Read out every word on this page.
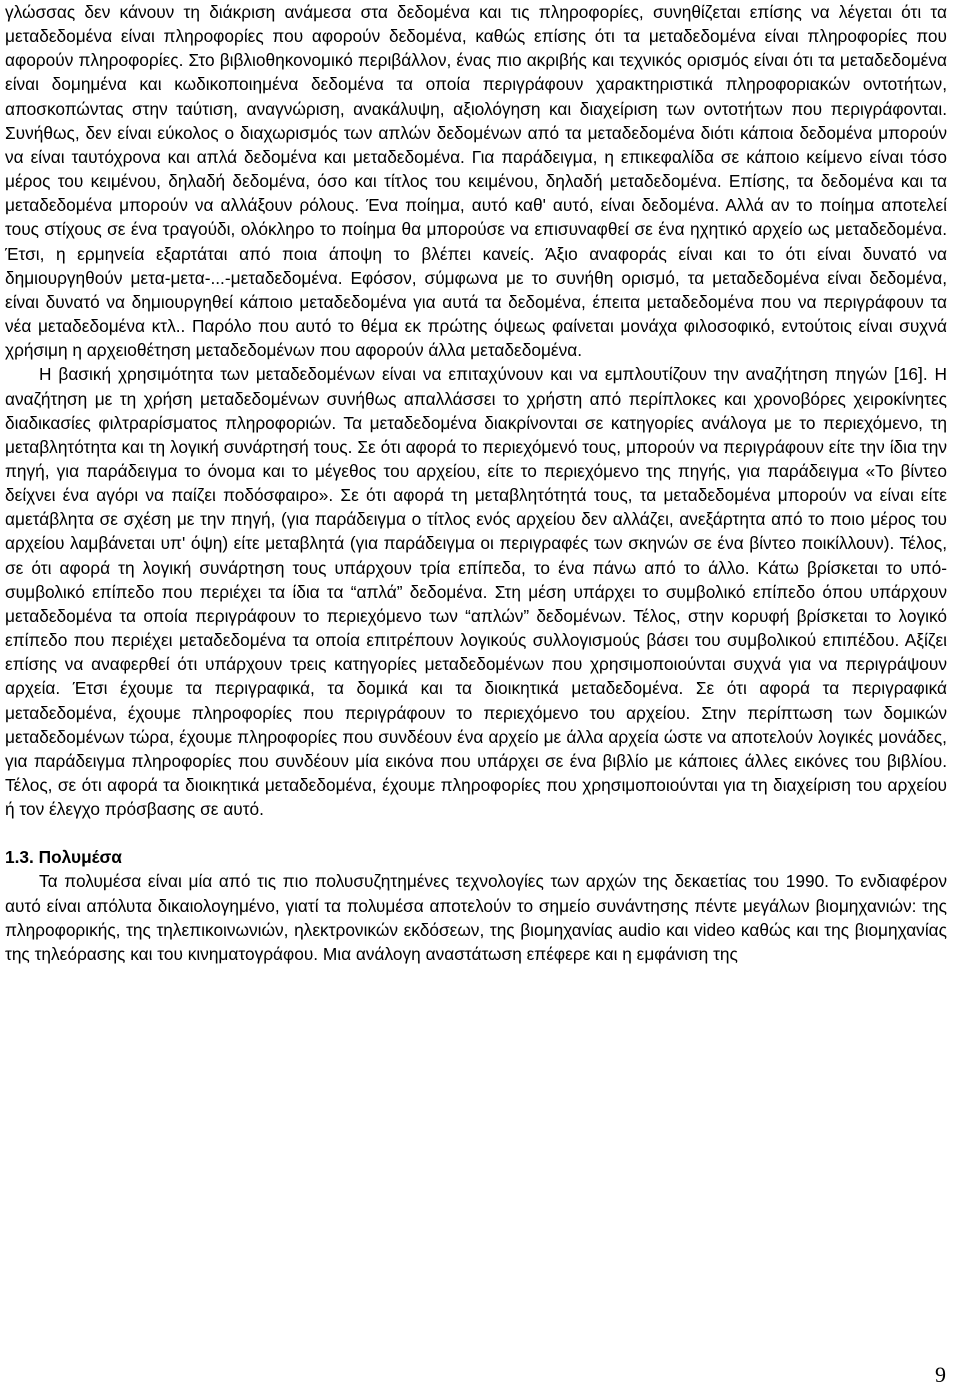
γλώσσας δεν κάνουν τη διάκριση ανάμεσα στα δεδομένα και τις πληροφορίες, συνηθίζεται επίσης να λέγεται ότι τα μεταδεδομένα είναι πληροφορίες που αφορούν δεδομένα, καθώς επίσης ότι τα μεταδεδομένα είναι πληροφορίες που αφορούν πληροφορίες. Στο βιβλιοθηκονομικό περιβάλλον, ένας πιο ακριβής και τεχνικός ορισμός είναι ότι τα μεταδεδομένα είναι δομημένα και κωδικοποιημένα δεδομένα τα οποία περιγράφουν χαρακτηριστικά πληροφοριακών οντοτήτων, αποσκοπώντας στην ταύτιση, αναγνώριση, ανακάλυψη, αξιολόγηση και διαχείριση των οντοτήτων που περιγράφονται. Συνήθως, δεν είναι εύκολος ο διαχωρισμός των απλών δεδομένων από τα μεταδεδομένα διότι κάποια δεδομένα μπορούν να είναι ταυτόχρονα και απλά δεδομένα και μεταδεδομένα. Για παράδειγμα, η επικεφαλίδα σε κάποιο κείμενο είναι τόσο μέρος του κειμένου, δηλαδή δεδομένα, όσο και τίτλος του κειμένου, δηλαδή μεταδεδομένα. Επίσης, τα δεδομένα και τα μεταδεδομένα μπορούν να αλλάξουν ρόλους. Ένα ποίημα, αυτό καθ' αυτό, είναι δεδομένα. Αλλά αν το ποίημα αποτελεί τους στίχους σε ένα τραγούδι, ολόκληρο το ποίημα θα μπορούσε να επισυναφθεί σε ένα ηχητικό αρχείο ως μεταδεδομένα. Έτσι, η ερμηνεία εξαρτάται από ποια άποψη το βλέπει κανείς. Άξιο αναφοράς είναι και το ότι είναι δυνατό να δημιουργηθούν μετα-μετα-...-μεταδεδομένα. Εφόσον, σύμφωνα με το συνήθη ορισμό, τα μεταδεδομένα είναι δεδομένα, είναι δυνατό να δημιουργηθεί κάποιο μεταδεδομένα για αυτά τα δεδομένα, έπειτα μεταδεδομένα που να περιγράφουν τα νέα μεταδεδομένα κτλ.. Παρόλο που αυτό το θέμα εκ πρώτης όψεως φαίνεται μονάχα φιλοσοφικό, εντούτοις είναι συχνά χρήσιμη η αρχειοθέτηση μεταδεδομένων που αφορούν άλλα μεταδεδομένα.

Η βασική χρησιμότητα των μεταδεδομένων είναι να επιταχύνουν και να εμπλουτίζουν την αναζήτηση πηγών [16]. Η αναζήτηση με τη χρήση μεταδεδομένων συνήθως απαλλάσσει το χρήστη από περίπλοκες και χρονοβόρες χειροκίνητες διαδικασίες φιλτραρίσματος πληροφοριών. Τα μεταδεδομένα διακρίνονται σε κατηγορίες ανάλογα με το περιεχόμενο, τη μεταβλητότητα και τη λογική συνάρτησή τους. Σε ότι αφορά το περιεχόμενό τους, μπορούν να περιγράφουν είτε την ίδια την πηγή, για παράδειγμα το όνομα και το μέγεθος του αρχείου, είτε το περιεχόμενο της πηγής, για παράδειγμα «Το βίντεο δείχνει ένα αγόρι να παίζει ποδόσφαιρο». Σε ότι αφορά τη μεταβλητότητά τους, τα μεταδεδομένα μπορούν να είναι είτε αμετάβλητα σε σχέση με την πηγή, (για παράδειγμα ο τίτλος ενός αρχείου δεν αλλάζει, ανεξάρτητα από το ποιο μέρος του αρχείου λαμβάνεται υπ' όψη) είτε μεταβλητά (για παράδειγμα οι περιγραφές των σκηνών σε ένα βίντεο ποικίλλουν). Τέλος, σε ότι αφορά τη λογική συνάρτηση τους υπάρχουν τρία επίπεδα, το ένα πάνω από το άλλο. Κάτω βρίσκεται το υπό-συμβολικό επίπεδο που περιέχει τα ίδια τα “απλά” δεδομένα. Στη μέση υπάρχει το συμβολικό επίπεδο όπου υπάρχουν μεταδεδομένα τα οποία περιγράφουν το περιεχόμενο των “απλών” δεδομένων. Τέλος, στην κορυφή βρίσκεται το λογικό επίπεδο που περιέχει μεταδεδομένα τα οποία επιτρέπουν λογικούς συλλογισμούς βάσει του συμβολικού επιπέδου. Αξίζει επίσης να αναφερθεί ότι υπάρχουν τρεις κατηγορίες μεταδεδομένων που χρησιμοποιούνται συχνά για να περιγράψουν αρχεία. Έτσι έχουμε τα περιγραφικά, τα δομικά και τα διοικητικά μεταδεδομένα. Σε ότι αφορά τα περιγραφικά μεταδεδομένα, έχουμε πληροφορίες που περιγράφουν το περιεχόμενο του αρχείου. Στην περίπτωση των δομικών μεταδεδομένων τώρα, έχουμε πληροφορίες που συνδέουν ένα αρχείο με άλλα αρχεία ώστε να αποτελούν λογικές μονάδες, για παράδειγμα πληροφορίες που συνδέουν μία εικόνα που υπάρχει σε ένα βιβλίο με κάποιες άλλες εικόνες του βιβλίου. Τέλος, σε ότι αφορά τα διοικητικά μεταδεδομένα, έχουμε πληροφορίες που χρησιμοποιούνται για τη διαχείριση του αρχείου ή τον έλεγχο πρόσβασης σε αυτό.

1.3. Πολυμέσα

Τα πολυμέσα είναι μία από τις πιο πολυσυζητημένες τεχνολογίες των αρχών της δεκαετίας του 1990. Το ενδιαφέρον αυτό είναι απόλυτα δικαιολογημένο, γιατί τα πολυμέσα αποτελούν το σημείο συνάντησης πέντε μεγάλων βιομηχανιών: της πληροφορικής, της τηλεπικοινωνιών, ηλεκτρονικών εκδόσεων, της βιομηχανίας audio και video καθώς και της βιομηχανίας της τηλεόρασης και του κινηματογράφου. Μια ανάλογη αναστάτωση επέφερε και η εμφάνιση της

9
